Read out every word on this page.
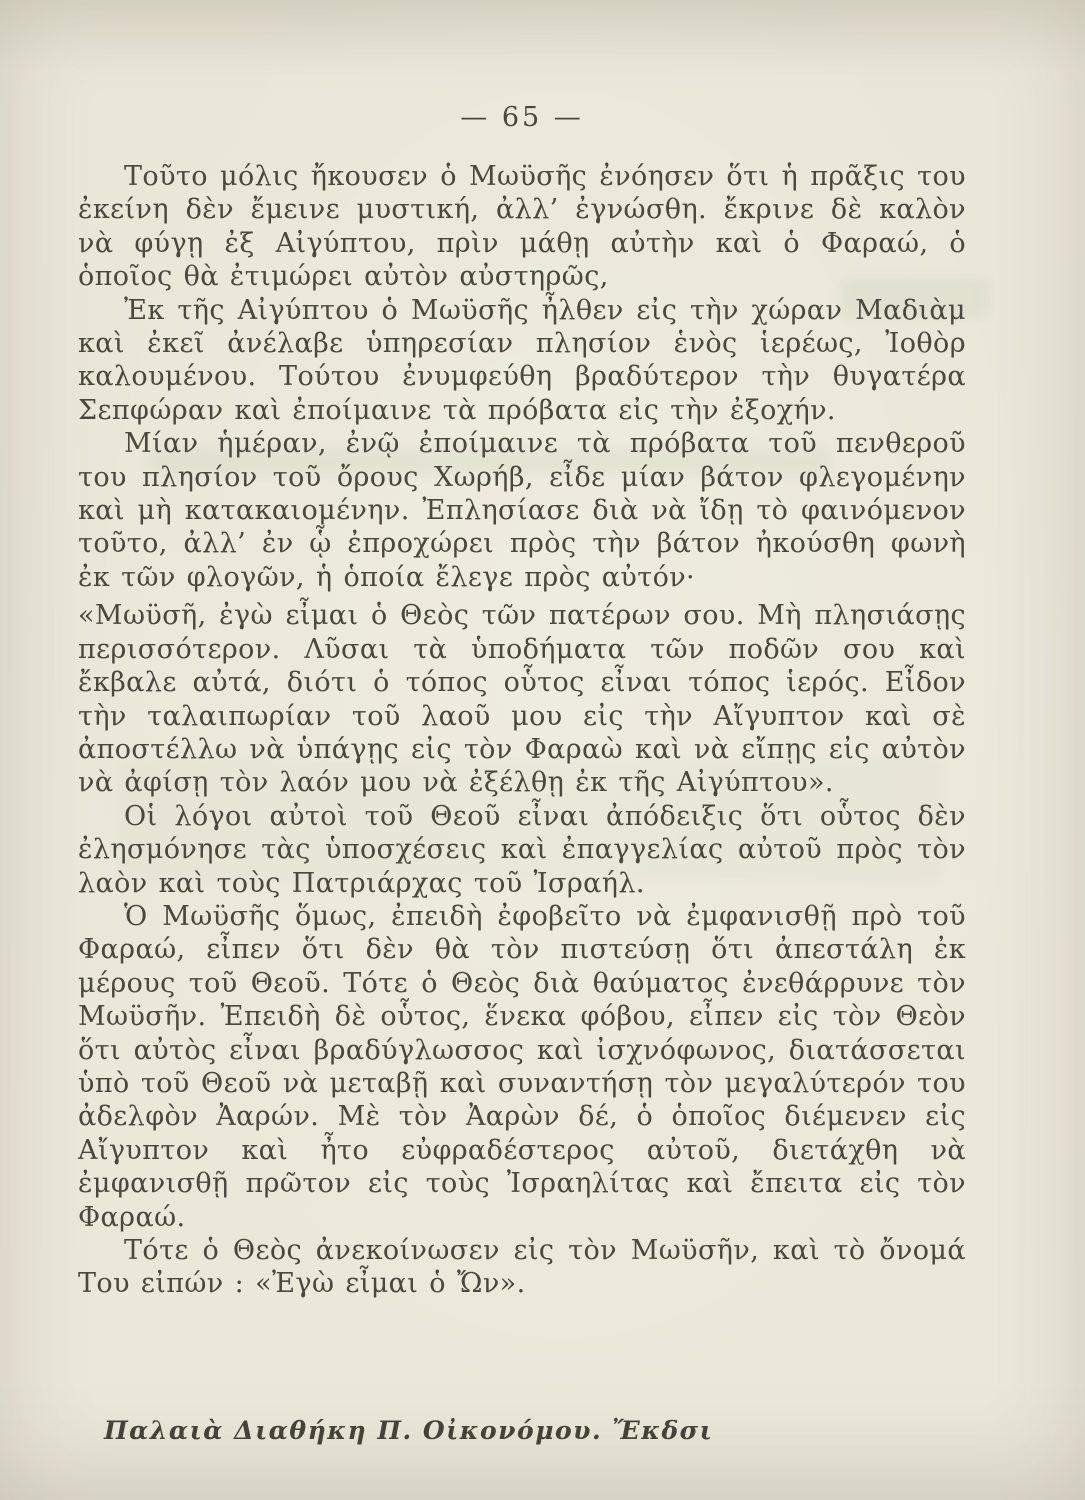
— 65 —

Τοῦτο μόλις ἤκουσεν ὁ Μωϋσῆς ἐνόησεν ὅτι ἡ πρᾶξις του ἐκείνη δὲν ἔμεινε μυστική, ἀλλ’ ἐγνώσθη. ἔκρινε δὲ καλὸν νὰ φύγῃ ἐξ Αἰγύπτου, πρὶν μάθῃ αὐτὴν καὶ ὁ Φαραώ, ὁ ὁποῖος θὰ ἐτιμώρει αὐτὸν αὐστηρῶς,

Ἐκ τῆς Αἰγύπτου ὁ Μωϋσῆς ἦλθεν εἰς τὴν χώραν Μαδιὰμ καὶ ἐκεῖ ἀνέλαβε ὑπηρεσίαν πλησίον ἑνὸς ἱερέως, Ἰοθὸρ καλουμένου. Τούτου ἐνυμφεύθη βραδύτερον τὴν θυγατέρα Σεπφώραν καὶ ἐποίμαινε τὰ πρόβατα εἰς τὴν ἐξοχήν.

Μίαν ἡμέραν, ἐνῷ ἐποίμαινε τὰ πρόβατα τοῦ πενθεροῦ του πλησίον τοῦ ὄρους Χωρήβ, εἶδε μίαν βάτον φλεγομένην καὶ μὴ κατακαιομένην. Ἐπλησίασε διὰ νὰ ἴδῃ τὸ φαινόμενον τοῦτο, ἀλλ’ ἐν ᾧ ἐπροχώρει πρὸς τὴν βάτον ἠκούσθη φωνὴ ἐκ τῶν φλογῶν, ἡ ὁποία ἔλεγε πρὸς αὐτόν·

«Μωϋσῆ, ἐγὼ εἶμαι ὁ Θεὸς τῶν πατέρων σου. Μὴ πλησιάσῃς περισσότερον. Λῦσαι τὰ ὑποδήματα τῶν ποδῶν σου καὶ ἔκβαλε αὐτά, διότι ὁ τόπος οὗτος εἶναι τόπος ἱερός. Εἶδον τὴν ταλαιπωρίαν τοῦ λαοῦ μου εἰς τὴν Αἴγυπτον καὶ σὲ ἀποστέλλω νὰ ὑπάγῃς εἰς τὸν Φαραὼ καὶ νὰ εἴπῃς εἰς αὐτὸν νὰ ἀφίσῃ τὸν λαόν μου νὰ ἐξέλθῃ ἐκ τῆς Αἰγύπτου».

Οἱ λόγοι αὐτοὶ τοῦ Θεοῦ εἶναι ἀπόδειξις ὅτι οὗτος δὲν ἐλησμόνησε τὰς ὑποσχέσεις καὶ ἐπαγγελίας αὐτοῦ πρὸς τὸν λαὸν καὶ τοὺς Πατριάρχας τοῦ Ἰσραήλ.

Ὁ Μωϋσῆς ὅμως, ἐπειδὴ ἐφοβεῖτο νὰ ἐμφανισθῇ πρὸ τοῦ Φαραώ, εἶπεν ὅτι δὲν θὰ τὸν πιστεύσῃ ὅτι ἀπεστάλη ἐκ μέρους τοῦ Θεοῦ. Τότε ὁ Θεὸς διὰ θαύματος ἐνεθάρρυνε τὸν Μωϋσῆν. Ἐπειδὴ δὲ οὗτος, ἕνεκα φόβου, εἶπεν εἰς τὸν Θεὸν ὅτι αὐτὸς εἶναι βραδύγλωσσος καὶ ἰσχνόφωνος, διατάσσεται ὑπὸ τοῦ Θεοῦ νὰ μεταβῇ καὶ συναντήσῃ τὸν μεγαλύτερόν του ἀδελφὸν Ἀαρών. Μὲ τὸν Ἀαρὼν δέ, ὁ ὁποῖος διέμενεν εἰς Αἴγυπτον καὶ ἦτο εὐφραδέστερος αὐτοῦ, διετάχθη νὰ ἐμφανισθῇ πρῶτον εἰς τοὺς Ἰσραηλίτας καὶ ἔπειτα εἰς τὸν Φαραώ.

Τότε ὁ Θεὸς ἀνεκοίνωσεν εἰς τὸν Μωϋσῆν, καὶ τὸ ὄνομά Του εἰπών : «Ἐγὼ εἶμαι ὁ Ὤν».

Παλαιὰ Διαθήκη Π. Οἰκονόμου. Ἔκδσι
